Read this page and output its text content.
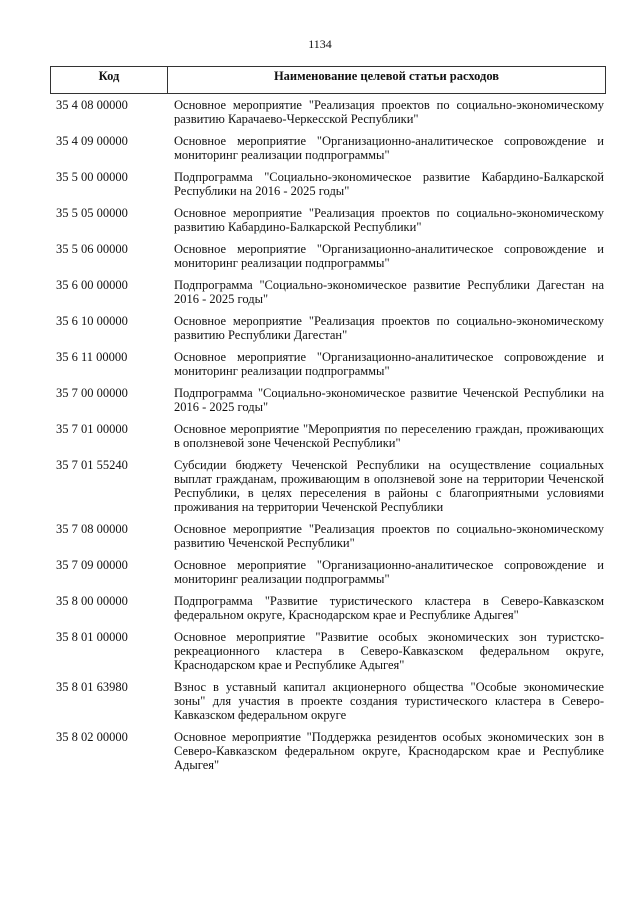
1134
Код	Наименование целевой статьи расходов
35 4 08 00000	Основное мероприятие "Реализация проектов по социально-экономическому развитию Карачаево-Черкесской Республики"
35 4 09 00000	Основное мероприятие "Организационно-аналитическое сопровождение и мониторинг реализации подпрограммы"
35 5 00 00000	Подпрограмма "Социально-экономическое развитие Кабардино-Балкарской Республики на 2016 - 2025 годы"
35 5 05 00000	Основное мероприятие "Реализация проектов по социально-экономическому развитию Кабардино-Балкарской Республики"
35 5 06 00000	Основное мероприятие "Организационно-аналитическое сопровождение и мониторинг реализации подпрограммы"
35 6 00 00000	Подпрограмма "Социально-экономическое развитие Республики Дагестан на 2016 - 2025 годы"
35 6 10 00000	Основное мероприятие "Реализация проектов по социально-экономическому развитию Республики Дагестан"
35 6 11 00000	Основное мероприятие "Организационно-аналитическое сопровождение и мониторинг реализации подпрограммы"
35 7 00 00000	Подпрограмма "Социально-экономическое развитие Чеченской Республики на 2016 - 2025 годы"
35 7 01 00000	Основное мероприятие "Мероприятия по переселению граждан, проживающих в оползневой зоне Чеченской Республики"
35 7 01 55240	Субсидии бюджету Чеченской Республики на осуществление социальных выплат гражданам, проживающим в оползневой зоне на территории Чеченской Республики, в целях переселения в районы с благоприятными условиями проживания на территории Чеченской Республики
35 7 08 00000	Основное мероприятие "Реализация проектов по социально-экономическому развитию Чеченской Республики"
35 7 09 00000	Основное мероприятие "Организационно-аналитическое сопровождение и мониторинг реализации подпрограммы"
35 8 00 00000	Подпрограмма "Развитие туристического кластера в Северо-Кавказском федеральном округе, Краснодарском крае и Республике Адыгея"
35 8 01 00000	Основное мероприятие "Развитие особых экономических зон туристско-рекреационного кластера в Северо-Кавказском федеральном округе, Краснодарском крае и Республике Адыгея"
35 8 01 63980	Взнос в уставный капитал акционерного общества "Особые экономические зоны" для участия в проекте создания туристического кластера в Северо-Кавказском федеральном округе
35 8 02 00000	Основное мероприятие "Поддержка резидентов особых экономических зон в Северо-Кавказском федеральном округе, Краснодарском крае и Республике Адыгея"
